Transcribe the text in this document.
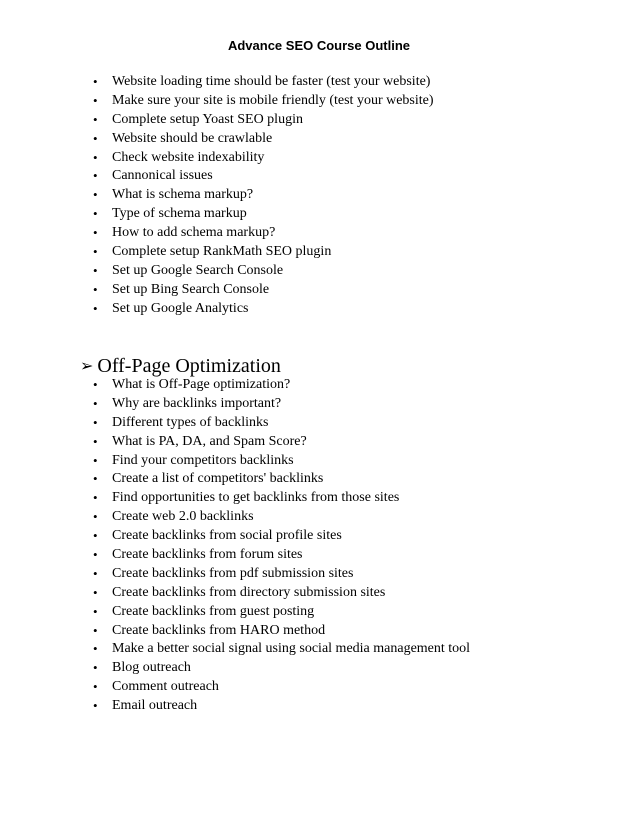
Advance SEO Course Outline
• Website loading time should be faster (test your website)
• Make sure your site is mobile friendly (test your website)
• Complete setup Yoast SEO plugin
• Website should be crawlable
• Check website indexability
• Cannonical issues
• What is schema markup?
• Type of schema markup
• How to add schema markup?
• Complete setup RankMath SEO plugin
• Set up Google Search Console
• Set up Bing Search Console
• Set up Google Analytics
➢ Off-Page Optimization
• What is Off-Page optimization?
• Why are backlinks important?
• Different types of backlinks
• What is PA, DA, and Spam Score?
• Find your competitors backlinks
• Create a list of competitors' backlinks
• Find opportunities to get backlinks from those sites
• Create web 2.0 backlinks
• Create backlinks from social profile sites
• Create backlinks from forum sites
• Create backlinks from pdf submission sites
• Create backlinks from directory submission sites
• Create backlinks from guest posting
• Create backlinks from HARO method
• Make a better social signal using social media management tool
• Blog outreach
• Comment outreach
• Email outreach
